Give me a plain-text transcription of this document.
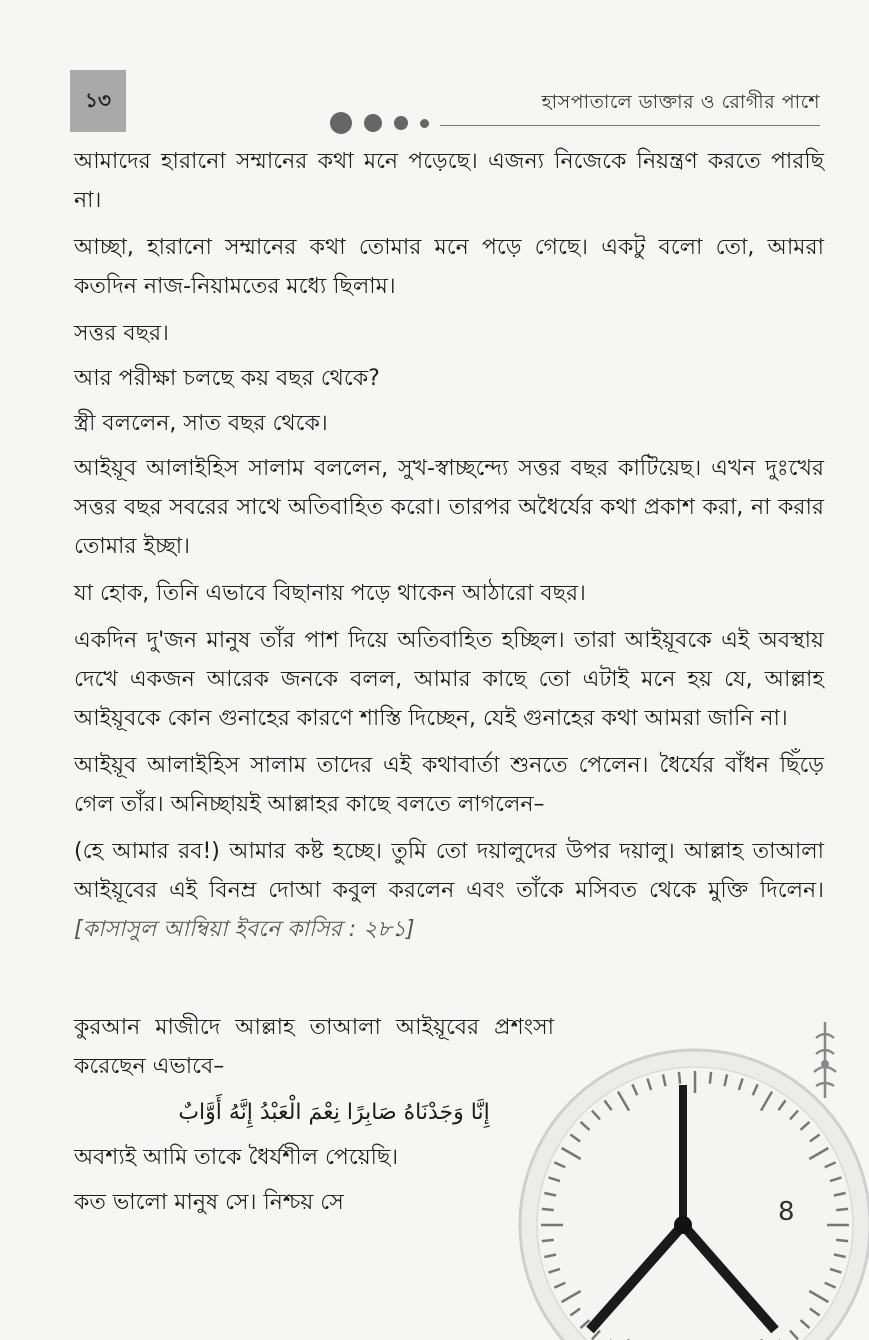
১৩
	হাসপাতালে ডাক্তার ও রোগীর পাশে

আমাদের হারানো সম্মানের কথা মনে পড়েছে। এজন্য নিজেকে নিয়ন্ত্রণ করতে পারছি না।

আচ্ছা, হারানো সম্মানের কথা তোমার মনে পড়ে গেছে। একটু বলো তো, আমরা কতদিন নাজ-নিয়ামতের মধ্যে ছিলাম।

সত্তর বছর।

আর পরীক্ষা চলছে কয় বছর থেকে?

স্ত্রী বললেন, সাত বছর থেকে।

আইয়ূব আলাইহিস সালাম বললেন, সুখ-স্বাচ্ছন্দ্যে সত্তর বছর কাটিয়েছ। এখন দুঃখের সত্তর বছর সবরের সাথে অতিবাহিত করো। তারপর অধৈর্যের কথা প্রকাশ করা, না করার তোমার ইচ্ছা।

যা হোক, তিনি এভাবে বিছানায় পড়ে থাকেন আঠারো বছর।

একদিন দু'জন মানুষ তাঁর পাশ দিয়ে অতিবাহিত হচ্ছিল। তারা আইয়ূবকে এই অবস্থায় দেখে একজন আরেক জনকে বলল, আমার কাছে তো এটাই মনে হয় যে, আল্লাহ আইয়ূবকে কোন গুনাহের কারণে শাস্তি দিচ্ছেন, যেই গুনাহের কথা আমরা জানি না।

আইয়ূব আলাইহিস সালাম তাদের এই কথাবার্তা শুনতে পেলেন। ধৈর্যের বাঁধন ছিঁড়ে গেল তাঁর। অনিচ্ছায়ই আল্লাহর কাছে বলতে লাগলেন–

(হে আমার রব!) আমার কষ্ট হচ্ছে। তুমি তো দয়ালুদের উপর দয়ালু। আল্লাহ তাআলা আইয়ূবের এই বিনম্র দোআ কবুল করলেন এবং তাঁকে মসিবত থেকে মুক্তি দিলেন। [কাসাসুল আম্বিয়া ইবনে কাসির : ২৮১]

8

কুরআন মাজীদে আল্লাহ তাআলা আইয়ূবের প্রশংসা করেছেন এভাবে–

إِنَّا وَجَدْنَاهُ صَابِرًا نِعْمَ الْعَبْدُ إِنَّهُ أَوَّابٌ

অবশ্যই আমি তাকে ধৈর্যশীল পেয়েছি।

কত ভালো মানুষ সে। নিশ্চয় সে
